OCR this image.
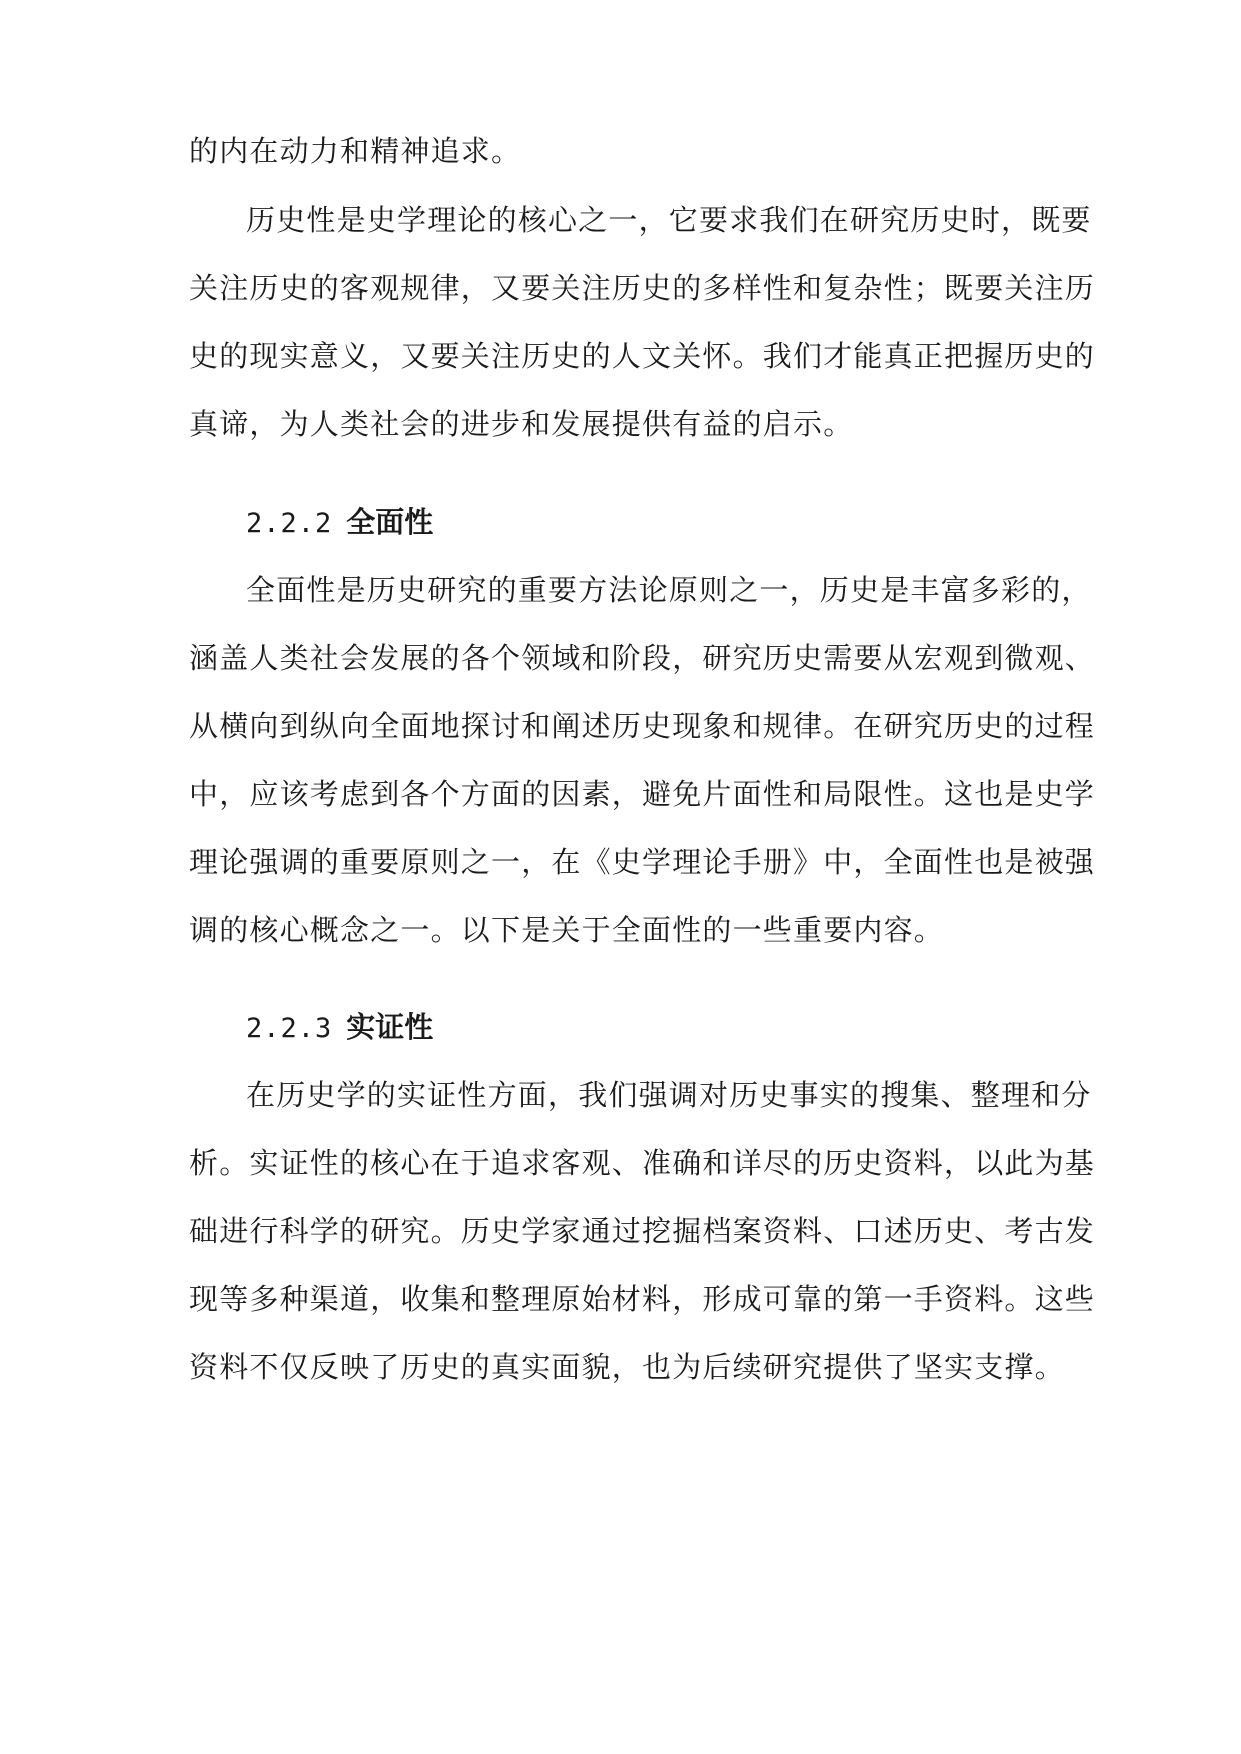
的内在动力和精神追求。
历史性是史学理论的核心之一，它要求我们在研究历史时，既要
关注历史的客观规律，又要关注历史的多样性和复杂性；既要关注历
史的现实意义，又要关注历史的人文关怀。我们才能真正把握历史的
真谛，为人类社会的进步和发展提供有益的启示。
2.2.2 全面性
全面性是历史研究的重要方法论原则之一，历史是丰富多彩的，
涵盖人类社会发展的各个领域和阶段，研究历史需要从宏观到微观、
从横向到纵向全面地探讨和阐述历史现象和规律。在研究历史的过程
中，应该考虑到各个方面的因素，避免片面性和局限性。这也是史学
理论强调的重要原则之一，在《史学理论手册》中，全面性也是被强
调的核心概念之一。以下是关于全面性的一些重要内容。
2.2.3 实证性
在历史学的实证性方面，我们强调对历史事实的搜集、整理和分
析。实证性的核心在于追求客观、准确和详尽的历史资料，以此为基
础进行科学的研究。历史学家通过挖掘档案资料、口述历史、考古发
现等多种渠道，收集和整理原始材料，形成可靠的第一手资料。这些
资料不仅反映了历史的真实面貌，也为后续研究提供了坚实支撑。
